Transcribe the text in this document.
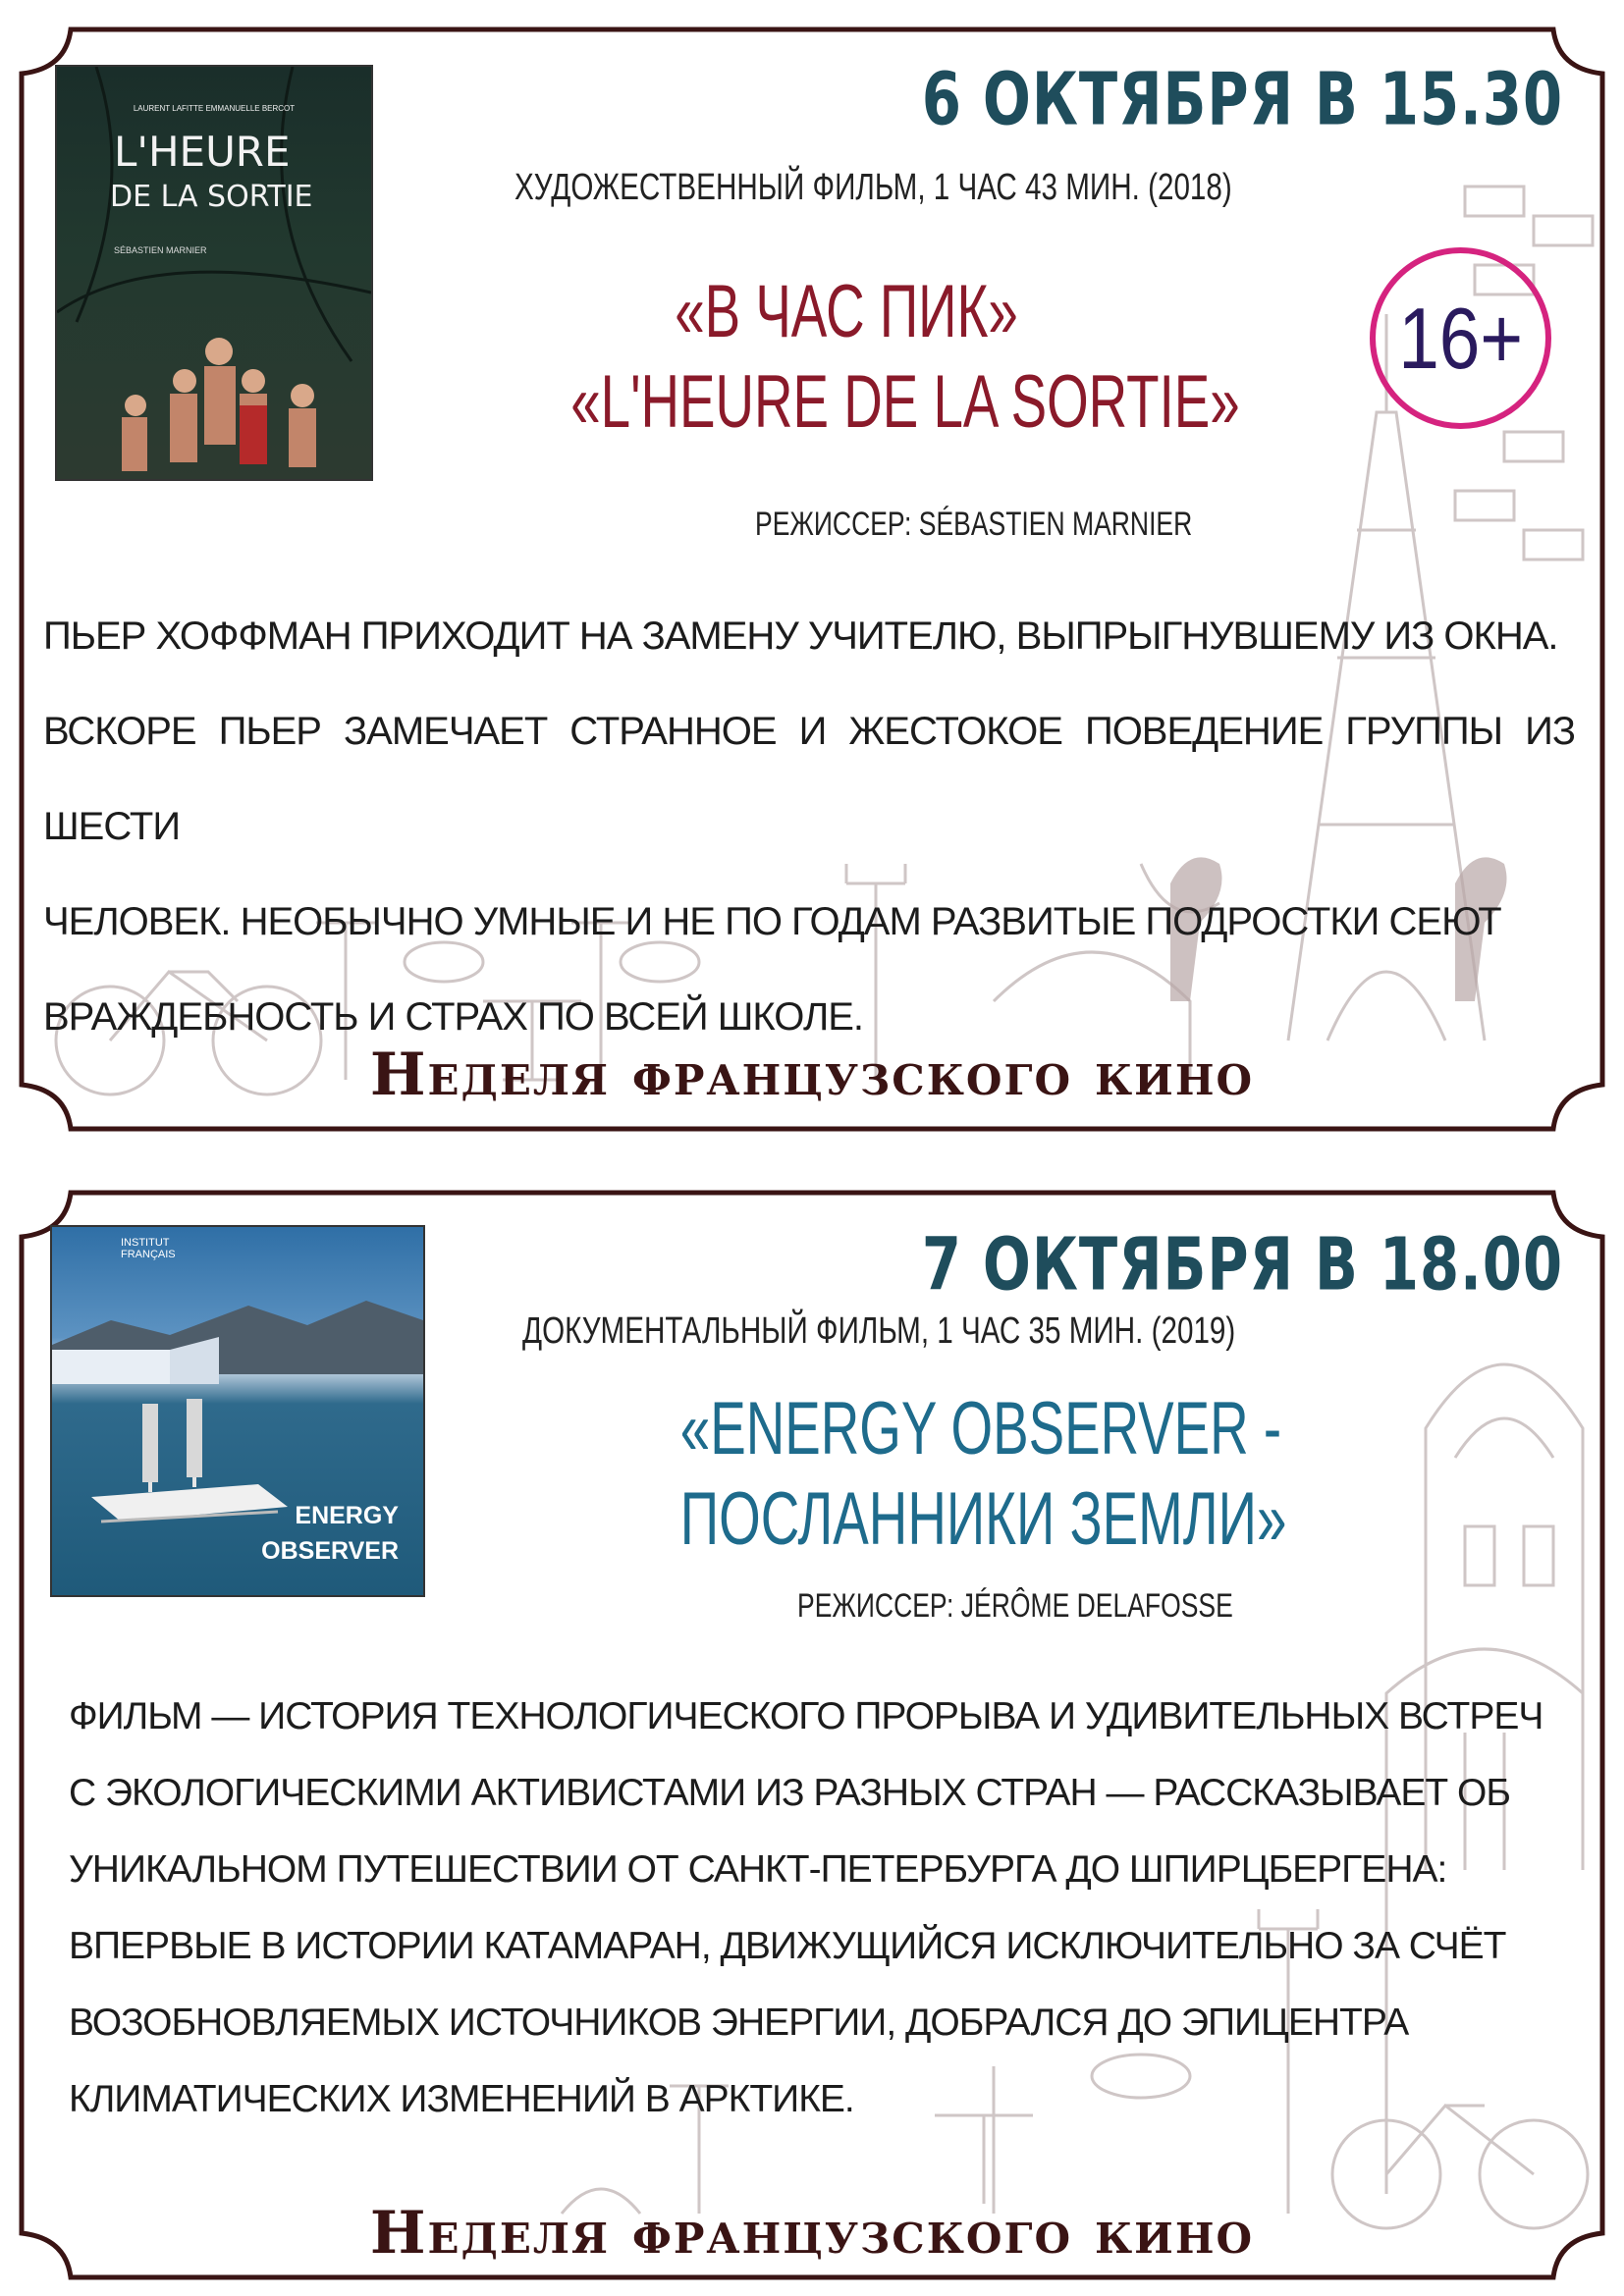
LAURENT LAFITTE EMMANUELLE BERCOT
L'HEURE
DE LA SORTIE
SÉBASTIEN MARNIER
6 ОКТЯБРЯ В 15.30
ХУДОЖЕСТВЕННЫЙ ФИЛЬМ, 1 ЧАС 43 МИН. (2018)
«В ЧАС ПИК»
«L'HEURE DE LA SORTIE»
16+
РЕЖИССЕР: SÉBASTIEN MARNIER
ПЬЕР ХОФФМАН ПРИХОДИТ НА ЗАМЕНУ УЧИТЕЛЮ, ВЫПРЫГНУВШЕМУ ИЗ ОКНА.
ВСКОРЕ ПЬЕР ЗАМЕЧАЕТ СТРАННОЕ И ЖЕСТОКОЕ ПОВЕДЕНИЕ ГРУППЫ ИЗ ШЕСТИ
ЧЕЛОВЕК. НЕОБЫЧНО УМНЫЕ И НЕ ПО ГОДАМ РАЗВИТЫЕ ПОДРОСТКИ СЕЮТ
ВРАЖДЕБНОСТЬ И СТРАХ ПО ВСЕЙ ШКОЛЕ.
Неделя французского кино
INSTITUT FRANÇAIS
ENERGY
OBSERVER
7 ОКТЯБРЯ В 18.00
ДОКУМЕНТАЛЬНЫЙ ФИЛЬМ, 1 ЧАС 35 МИН. (2019)
«ENERGY OBSERVER -
ПОСЛАННИКИ ЗЕМЛИ»
РЕЖИССЕР: JÉRÔME DELAFOSSE
ФИЛЬМ — ИСТОРИЯ ТЕХНОЛОГИЧЕСКОГО ПРОРЫВА И УДИВИТЕЛЬНЫХ ВСТРЕЧ
С ЭКОЛОГИЧЕСКИМИ АКТИВИСТАМИ ИЗ РАЗНЫХ СТРАН — РАССКАЗЫВАЕТ ОБ
УНИКАЛЬНОМ ПУТЕШЕСТВИИ ОТ САНКТ-ПЕТЕРБУРГА ДО ШПИРЦБЕРГЕНА:
ВПЕРВЫЕ В ИСТОРИИ КАТАМАРАН, ДВИЖУЩИЙСЯ ИСКЛЮЧИТЕЛЬНО ЗА СЧЁТ
ВОЗОБНОВЛЯЕМЫХ ИСТОЧНИКОВ ЭНЕРГИИ, ДОБРАЛСЯ ДО ЭПИЦЕНТРА
КЛИМАТИЧЕСКИХ ИЗМЕНЕНИЙ В АРКТИКЕ.
Неделя французского кино
